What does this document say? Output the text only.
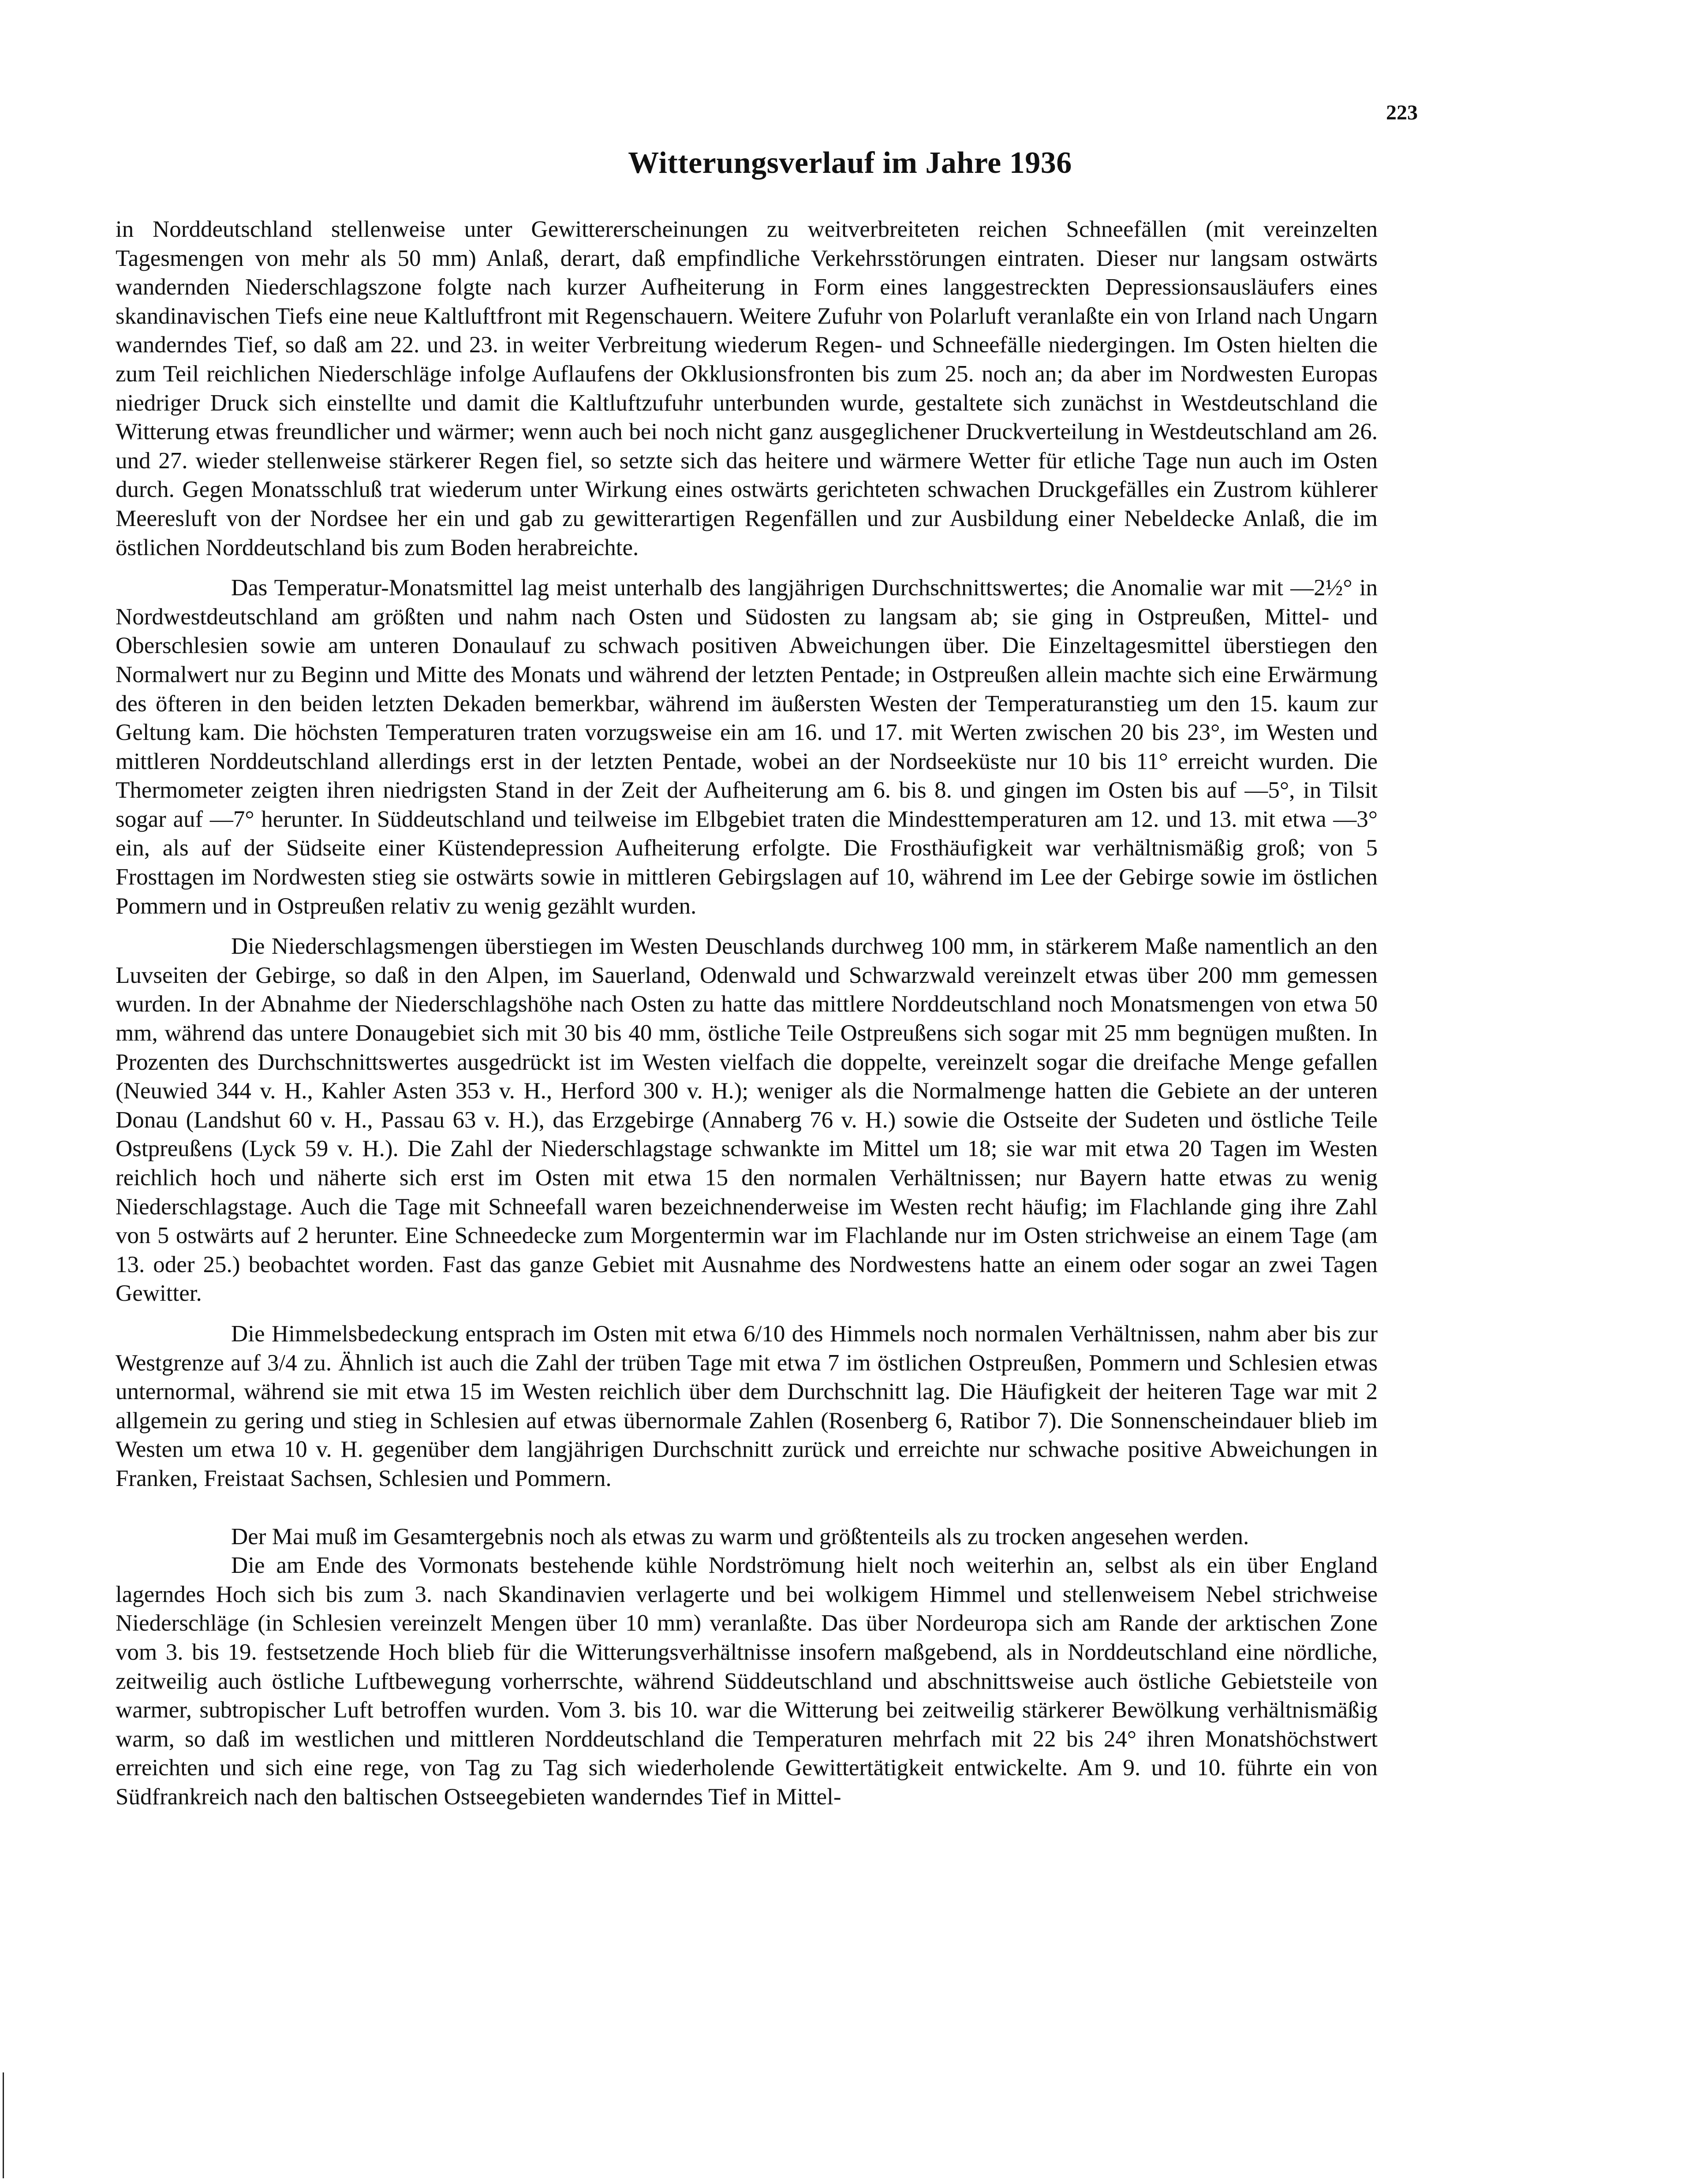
223

Witterungsverlauf im Jahre 1936

in Norddeutschland stellenweise unter Gewittererscheinungen zu weitverbreiteten reichen Schneefällen (mit vereinzelten Tagesmengen von mehr als 50 mm) Anlaß, derart, daß empfindliche Verkehrsstörungen eintraten. Dieser nur langsam ostwärts wandernden Niederschlagszone folgte nach kurzer Aufheiterung in Form eines langgestreckten Depressionsausläufers eines skandinavischen Tiefs eine neue Kaltluftfront mit Regenschauern. Weitere Zufuhr von Polarluft veranlaßte ein von Irland nach Ungarn wanderndes Tief, so daß am 22. und 23. in weiter Verbreitung wiederum Regen- und Schneefälle niedergingen. Im Osten hielten die zum Teil reichlichen Niederschläge infolge Auflaufens der Okklusionsfronten bis zum 25. noch an; da aber im Nordwesten Europas niedriger Druck sich einstellte und damit die Kaltluftzufuhr unterbunden wurde, gestaltete sich zunächst in Westdeutschland die Witterung etwas freundlicher und wärmer; wenn auch bei noch nicht ganz ausgeglichener Druckverteilung in Westdeutschland am 26. und 27. wieder stellenweise stärkerer Regen fiel, so setzte sich das heitere und wärmere Wetter für etliche Tage nun auch im Osten durch. Gegen Monatsschluß trat wiederum unter Wirkung eines ostwärts gerichteten schwachen Druckgefälles ein Zustrom kühlerer Meeresluft von der Nordsee her ein und gab zu gewitterartigen Regenfällen und zur Ausbildung einer Nebeldecke Anlaß, die im östlichen Norddeutschland bis zum Boden herabreichte.

Das Temperatur-Monatsmittel lag meist unterhalb des langjährigen Durchschnittswertes; die Anomalie war mit —2½° in Nordwestdeutschland am größten und nahm nach Osten und Südosten zu langsam ab; sie ging in Ostpreußen, Mittel- und Oberschlesien sowie am unteren Donaulauf zu schwach positiven Abweichungen über. Die Einzeltagesmittel überstiegen den Normalwert nur zu Beginn und Mitte des Monats und während der letzten Pentade; in Ostpreußen allein machte sich eine Erwärmung des öfteren in den beiden letzten Dekaden bemerkbar, während im äußersten Westen der Temperaturanstieg um den 15. kaum zur Geltung kam. Die höchsten Temperaturen traten vorzugsweise ein am 16. und 17. mit Werten zwischen 20 bis 23°, im Westen und mittleren Norddeutschland allerdings erst in der letzten Pentade, wobei an der Nordseeküste nur 10 bis 11° erreicht wurden. Die Thermometer zeigten ihren niedrigsten Stand in der Zeit der Aufheiterung am 6. bis 8. und gingen im Osten bis auf —5°, in Tilsit sogar auf —7° herunter. In Süddeutschland und teilweise im Elbgebiet traten die Mindesttemperaturen am 12. und 13. mit etwa —3° ein, als auf der Südseite einer Küstendepression Aufheiterung erfolgte. Die Frosthäufigkeit war verhältnismäßig groß; von 5 Frosttagen im Nordwesten stieg sie ostwärts sowie in mittleren Gebirgslagen auf 10, während im Lee der Gebirge sowie im östlichen Pommern und in Ostpreußen relativ zu wenig gezählt wurden.

Die Niederschlagsmengen überstiegen im Westen Deuschlands durchweg 100 mm, in stärkerem Maße namentlich an den Luvseiten der Gebirge, so daß in den Alpen, im Sauerland, Odenwald und Schwarzwald vereinzelt etwas über 200 mm gemessen wurden. In der Abnahme der Niederschlagshöhe nach Osten zu hatte das mittlere Norddeutschland noch Monatsmengen von etwa 50 mm, während das untere Donaugebiet sich mit 30 bis 40 mm, östliche Teile Ostpreußens sich sogar mit 25 mm begnügen mußten. In Prozenten des Durchschnittswertes ausgedrückt ist im Westen vielfach die doppelte, vereinzelt sogar die dreifache Menge gefallen (Neuwied 344 v. H., Kahler Asten 353 v. H., Herford 300 v. H.); weniger als die Normalmenge hatten die Gebiete an der unteren Donau (Landshut 60 v. H., Passau 63 v. H.), das Erzgebirge (Annaberg 76 v. H.) sowie die Ostseite der Sudeten und östliche Teile Ostpreußens (Lyck 59 v. H.). Die Zahl der Niederschlagstage schwankte im Mittel um 18; sie war mit etwa 20 Tagen im Westen reichlich hoch und näherte sich erst im Osten mit etwa 15 den normalen Verhältnissen; nur Bayern hatte etwas zu wenig Niederschlagstage. Auch die Tage mit Schneefall waren bezeichnenderweise im Westen recht häufig; im Flachlande ging ihre Zahl von 5 ostwärts auf 2 herunter. Eine Schneedecke zum Morgentermin war im Flachlande nur im Osten strichweise an einem Tage (am 13. oder 25.) beobachtet worden. Fast das ganze Gebiet mit Ausnahme des Nordwestens hatte an einem oder sogar an zwei Tagen Gewitter.

Die Himmelsbedeckung entsprach im Osten mit etwa 6/10 des Himmels noch normalen Verhältnissen, nahm aber bis zur Westgrenze auf 3/4 zu. Ähnlich ist auch die Zahl der trüben Tage mit etwa 7 im östlichen Ostpreußen, Pommern und Schlesien etwas unternormal, während sie mit etwa 15 im Westen reichlich über dem Durchschnitt lag. Die Häufigkeit der heiteren Tage war mit 2 allgemein zu gering und stieg in Schlesien auf etwas übernormale Zahlen (Rosenberg 6, Ratibor 7). Die Sonnenscheindauer blieb im Westen um etwa 10 v. H. gegenüber dem langjährigen Durchschnitt zurück und erreichte nur schwache positive Abweichungen in Franken, Freistaat Sachsen, Schlesien und Pommern.

Der Mai muß im Gesamtergebnis noch als etwas zu warm und größtenteils als zu trocken angesehen werden.

Die am Ende des Vormonats bestehende kühle Nordströmung hielt noch weiterhin an, selbst als ein über England lagerndes Hoch sich bis zum 3. nach Skandinavien verlagerte und bei wolkigem Himmel und stellenweisem Nebel strichweise Niederschläge (in Schlesien vereinzelt Mengen über 10 mm) veranlaßte. Das über Nordeuropa sich am Rande der arktischen Zone vom 3. bis 19. festsetzende Hoch blieb für die Witterungsverhältnisse insofern maßgebend, als in Norddeutschland eine nördliche, zeitweilig auch östliche Luftbewegung vorherrschte, während Süddeutschland und abschnittsweise auch östliche Gebietsteile von warmer, subtropischer Luft betroffen wurden. Vom 3. bis 10. war die Witterung bei zeitweilig stärkerer Bewölkung verhältnismäßig warm, so daß im westlichen und mittleren Norddeutschland die Temperaturen mehrfach mit 22 bis 24° ihren Monatshöchstwert erreichten und sich eine rege, von Tag zu Tag sich wiederholende Gewittertätigkeit entwickelte. Am 9. und 10. führte ein von Südfrankreich nach den baltischen Ostseegebieten wanderndes Tief in Mittel-
